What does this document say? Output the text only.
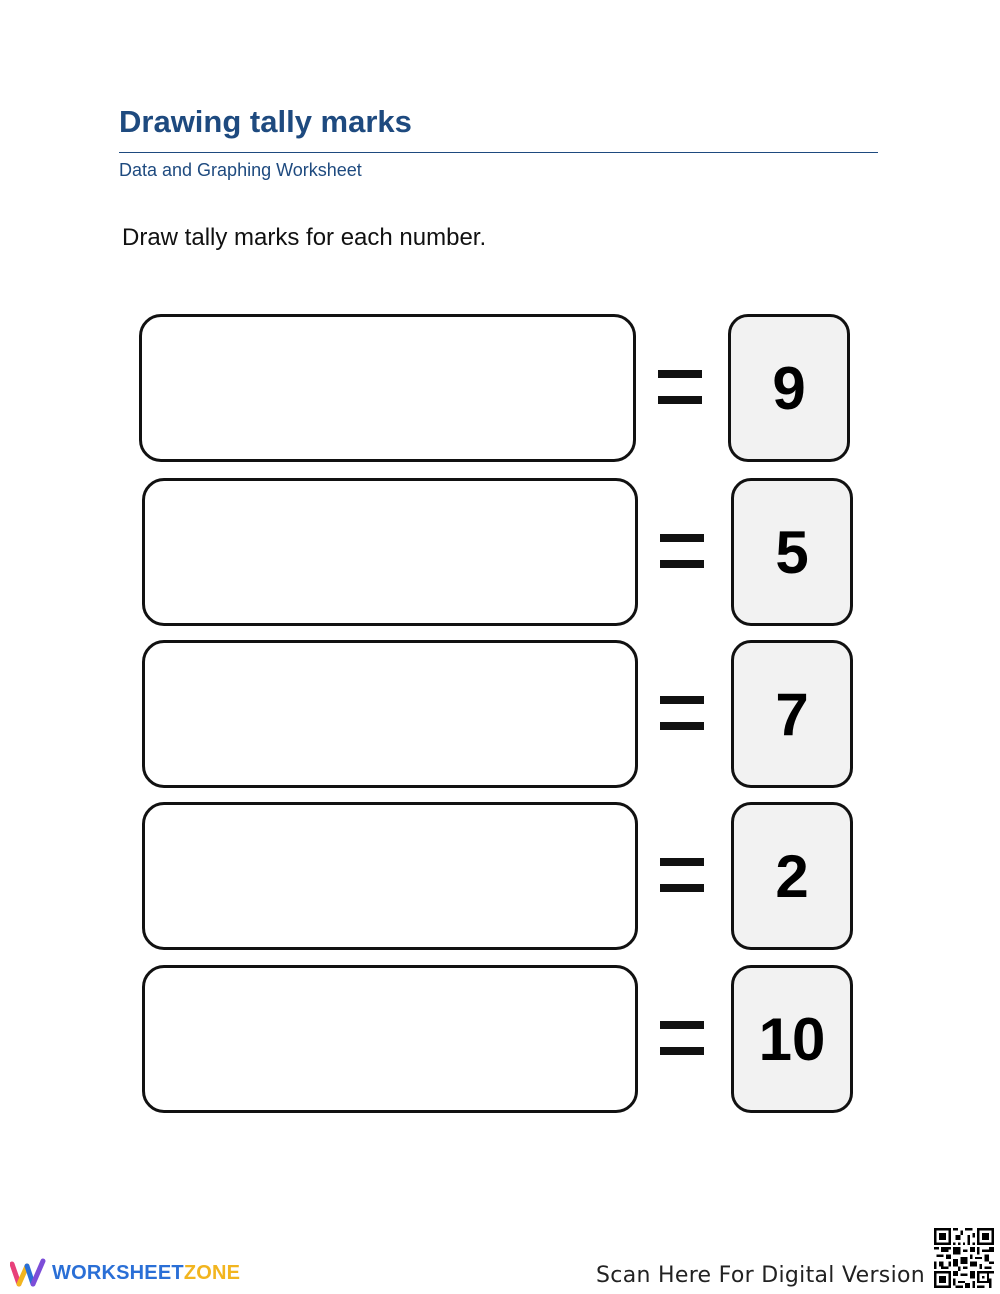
Drawing tally marks
Data and Graphing Worksheet
Draw tally marks for each number.
9
5
7
2
10
WORKSHEETZONE	Scan Here For Digital Version
